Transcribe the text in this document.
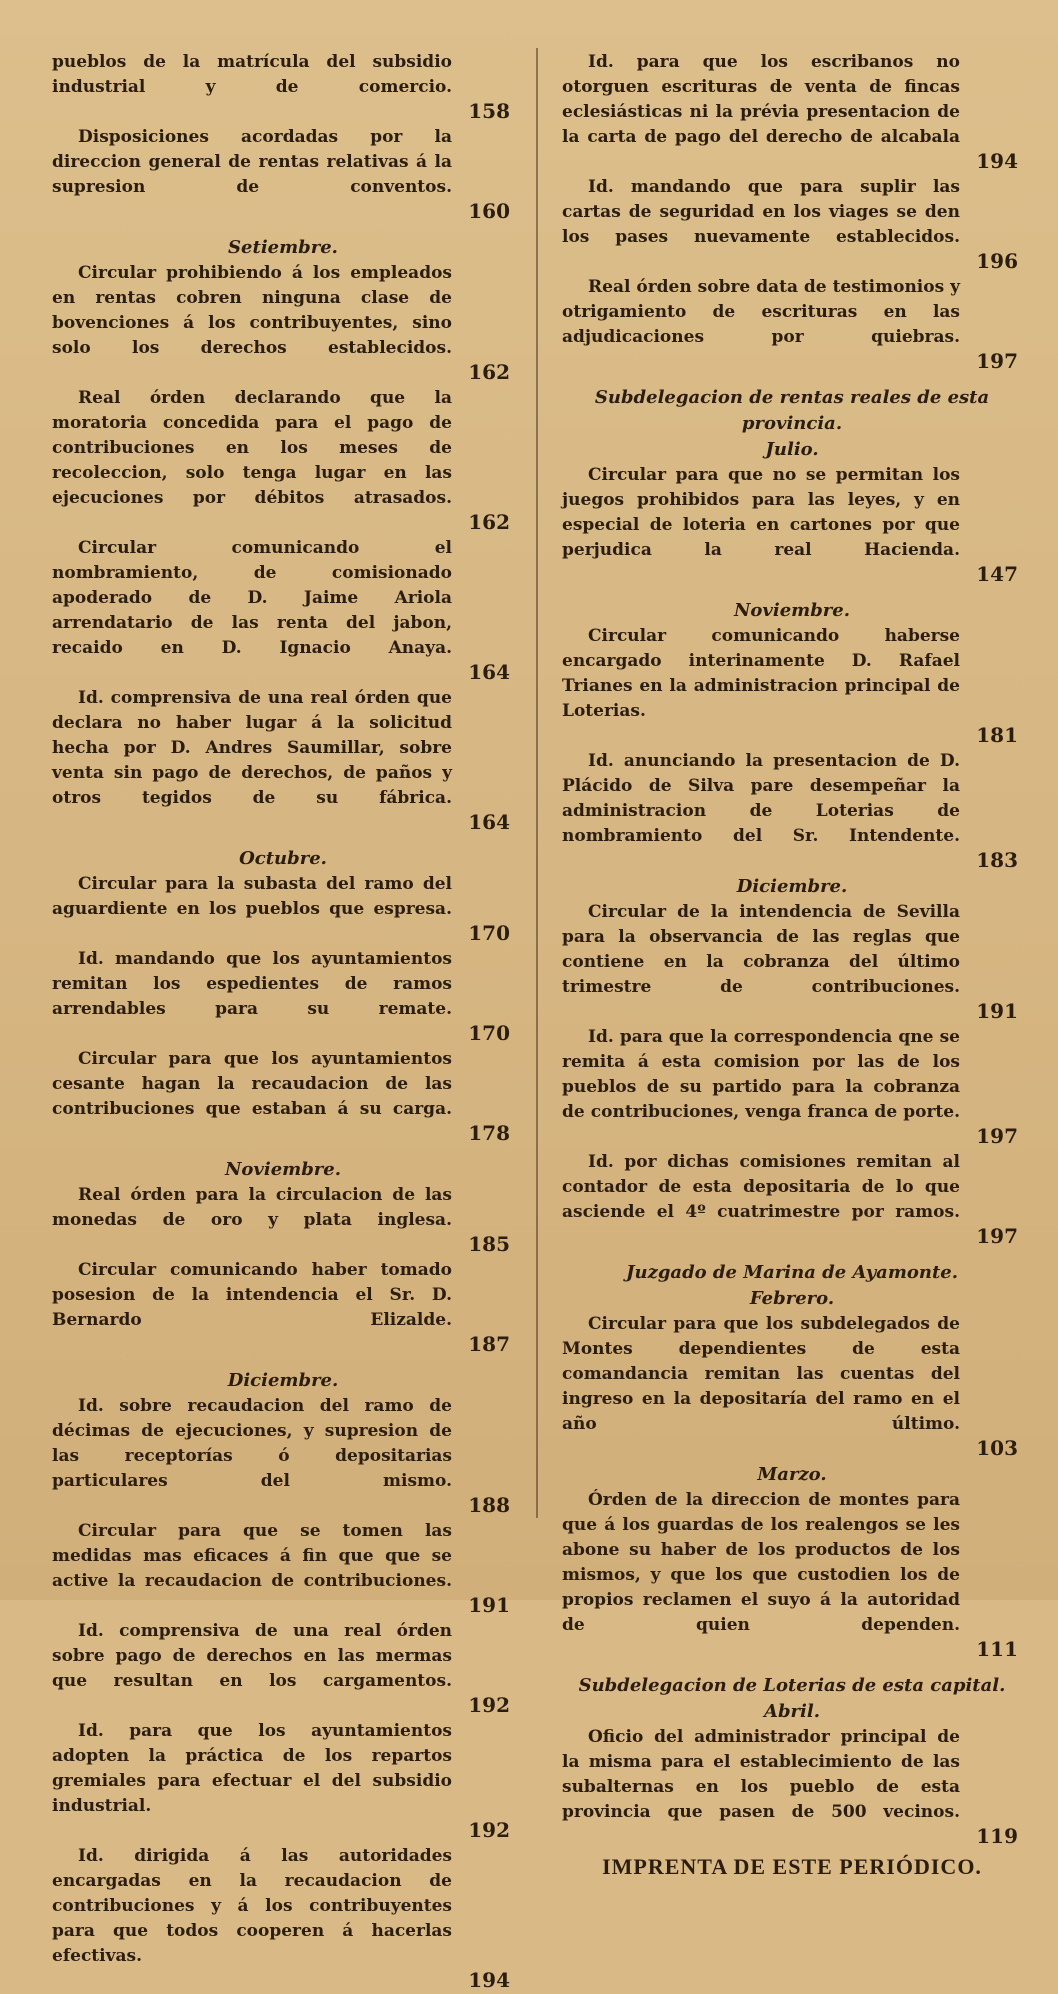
pueblos de la matrícula del subsidio industrial y de comercio.
158
Disposiciones acordadas por la direccion general de rentas relativas á la supresion de conventos.
160
Setiembre.
Circular prohibiendo á los empleados en rentas cobren ninguna clase de bovenciones á los contribuyentes, sino solo los derechos establecidos.
162
Real órden declarando que la moratoria concedida para el pago de contribuciones en los meses de recoleccion, solo tenga lugar en las ejecuciones por débitos atrasados.
162
Circular comunicando el nombramiento, de comisionado apoderado de D. Jaime Ariola arrendatario de las renta del jabon, recaido en D. Ignacio Anaya.
164
Id. comprensiva de una real órden que declara no haber lugar á la solicitud hecha por D. Andres Saumillar, sobre venta sin pago de derechos, de paños y otros tegidos de su fábrica.
164
Octubre.
Circular para la subasta del ramo del aguardiente en los pueblos que espresa.
170
Id. mandando que los ayuntamientos remitan los espedientes de ramos arrendables para su remate.
170
Circular para que los ayuntamientos cesante hagan la recaudacion de las contribuciones que estaban á su carga.
178
Noviembre.
Real órden para la circulacion de las monedas de oro y plata inglesa.
185
Circular comunicando haber tomado posesion de la intendencia el Sr. D. Bernardo Elizalde.
187
Diciembre.
Id. sobre recaudacion del ramo de décimas de ejecuciones, y supresion de las receptorías ó depositarias particulares del mismo.
188
Circular para que se tomen las medidas mas eficaces á fin que que se active la recaudacion de contribuciones.
191
Id. comprensiva de una real órden sobre pago de derechos en las mermas que resultan en los cargamentos.
192
Id. para que los ayuntamientos adopten la práctica de los repartos gremiales para efectuar el del subsidio industrial.
192
Id. dirigida á las autoridades encargadas en la recaudacion de contribuciones y á los contribuyentes para que todos cooperen á hacerlas efectivas.
194
Id. para que los escribanos no otorguen escrituras de venta de fincas eclesiásticas ni la prévia presentacion de la carta de pago del derecho de alcabala
194
Id. mandando que para suplir las cartas de seguridad en los viages se den los pases nuevamente establecidos.
196
Real órden sobre data de testimonios y otrigamiento de escrituras en las adjudicaciones por quiebras.
197
Subdelegacion de rentas reales de esta provincia.
Julio.
Circular para que no se permitan los juegos prohibidos para las leyes, y en especial de loteria en cartones por que perjudica la real Hacienda.
147
Noviembre.
Circular comunicando haberse encargado interinamente D. Rafael Trianes en la administracion principal de Loterias.
181
Id. anunciando la presentacion de D. Plácido de Silva pare desempeñar la administracion de Loterias de nombramiento del Sr. Intendente.
183
Diciembre.
Circular de la intendencia de Sevilla para la observancia de las reglas que contiene en la cobranza del último trimestre de contribuciones.
191
Id. para que la correspondencia qne se remita á esta comision por las de los pueblos de su partido para la cobranza de contribuciones, venga franca de porte.
197
Id. por dichas comisiones remitan al contador de esta depositaria de lo que asciende el 4º cuatrimestre por ramos.
197
Juzgado de Marina de Ayamonte.
Febrero.
Circular para que los subdelegados de Montes dependientes de esta comandancia remitan las cuentas del ingreso en la depositaría del ramo en el año último.
103
Marzo.
Órden de la direccion de montes para que á los guardas de los realengos se les abone su haber de los productos de los mismos, y que los que custodien los de propios reclamen el suyo á la autoridad de quien dependen.
111
Subdelegacion de Loterias de esta capital.
Abril.
Oficio del administrador principal de la misma para el establecimiento de las subalternas en los pueblo de esta provincia que pasen de 500 vecinos.
119
IMPRENTA DE ESTE PERIÓDICO.
